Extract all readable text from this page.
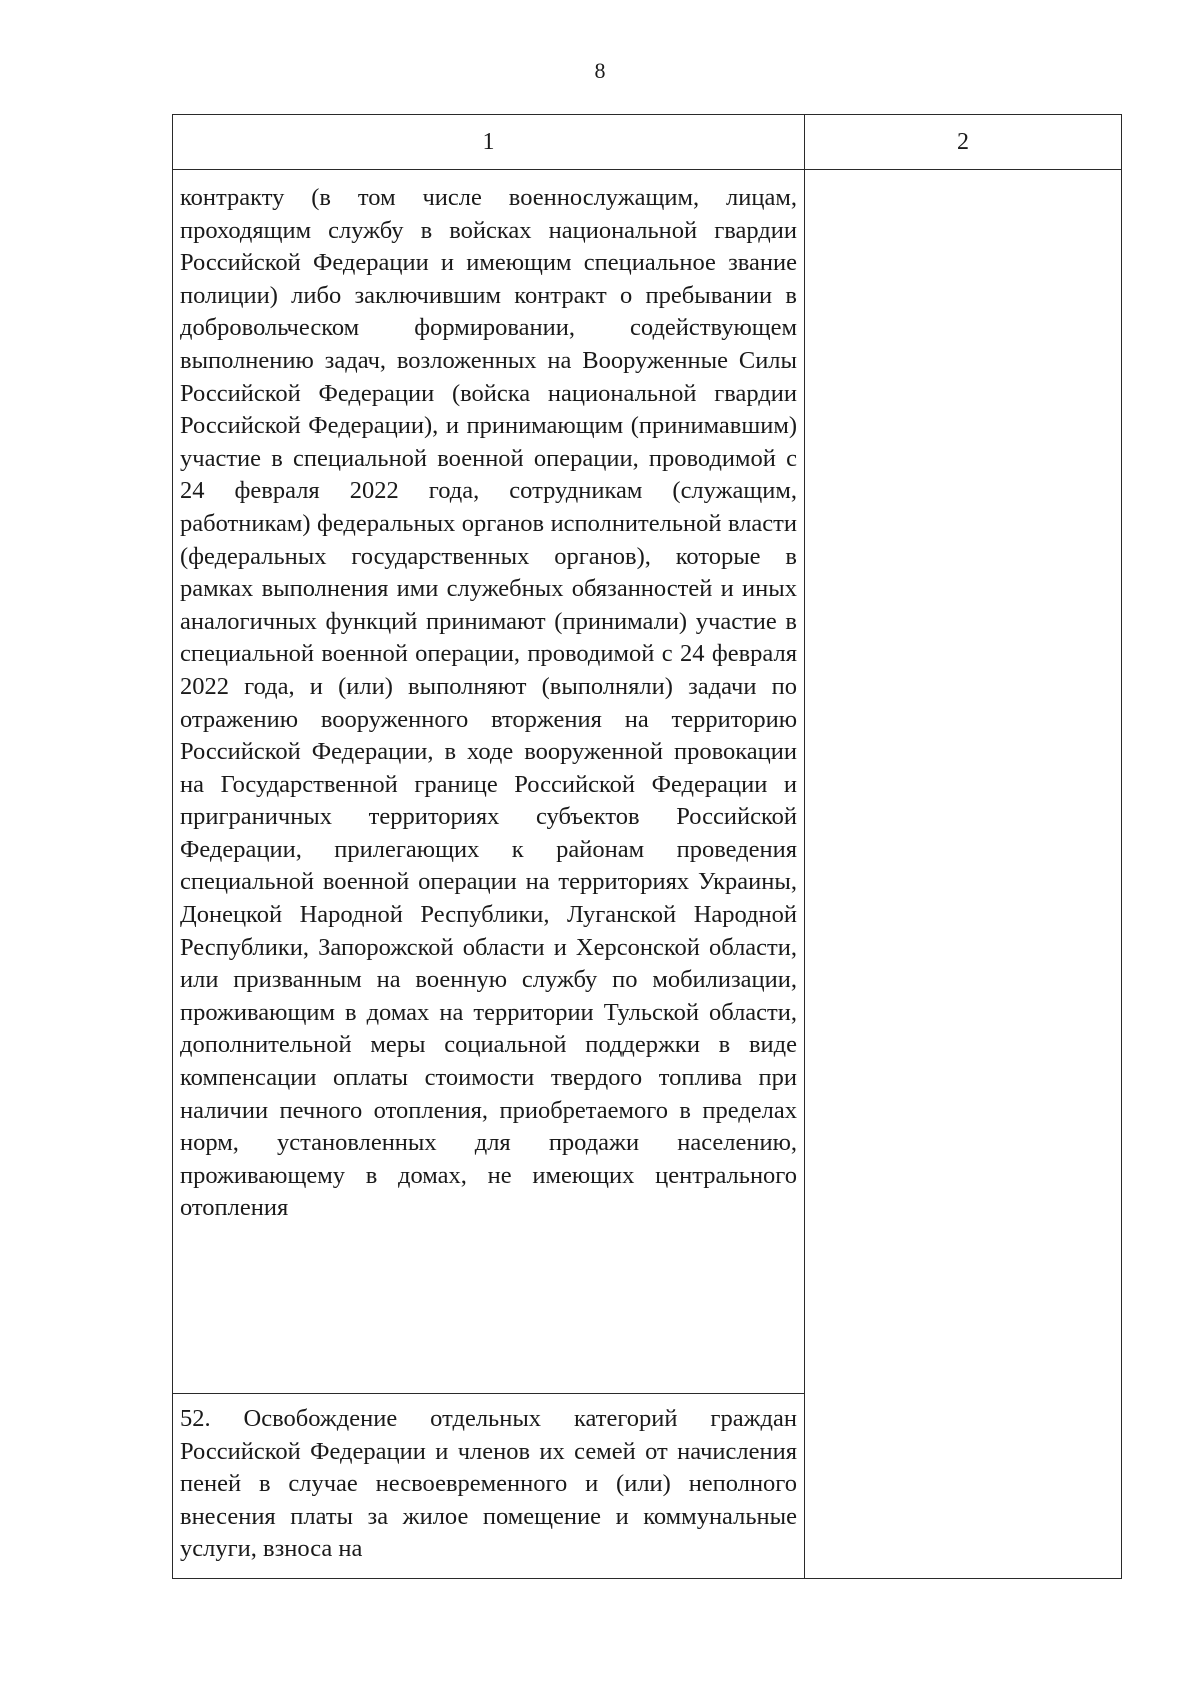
8
1	2

контракту (в том числе военнослужащим, лицам, проходящим службу в войсках национальной гвардии Российской Федерации и имеющим специальное звание полиции) либо заключившим контракт о пребывании в добровольческом формировании, содействующем выполнению задач, возложенных на Вооруженные Силы Российской Федерации (войска национальной гвардии Российской Федерации), и принимающим (принимавшим) участие в специальной военной операции, проводимой с 24 февраля 2022 года, сотрудникам (служащим, работникам) федеральных органов исполнительной власти (федеральных государственных органов), которые в рамках выполнения ими служебных обязанностей и иных аналогичных функций принимают (принимали) участие в специальной военной операции, проводимой с 24 февраля 2022 года, и (или) выполняют (выполняли) задачи по отражению вооруженного вторжения на территорию Российской Федерации, в ходе вооруженной провокации на Государственной границе Российской Федерации и приграничных территориях субъектов Российской Федерации, прилегающих к районам проведения специальной военной операции на территориях Украины, Донецкой Народной Республики, Луганской Народной Республики, Запорожской области и Херсонской области, или призванным на военную службу по мобилизации, проживающим в домах на территории Тульской области, дополнительной меры социальной поддержки в виде компенсации оплаты стоимости твердого топлива при наличии печного отопления, приобретаемого в пределах норм, установленных для продажи населению, проживающему в домах, не имеющих центрального отопления	

52. Освобождение отдельных категорий граждан Российской Федерации и членов их семей от начисления пеней в случае несвоевременного и (или) неполного внесения платы за жилое помещение и коммунальные услуги, взноса на	
